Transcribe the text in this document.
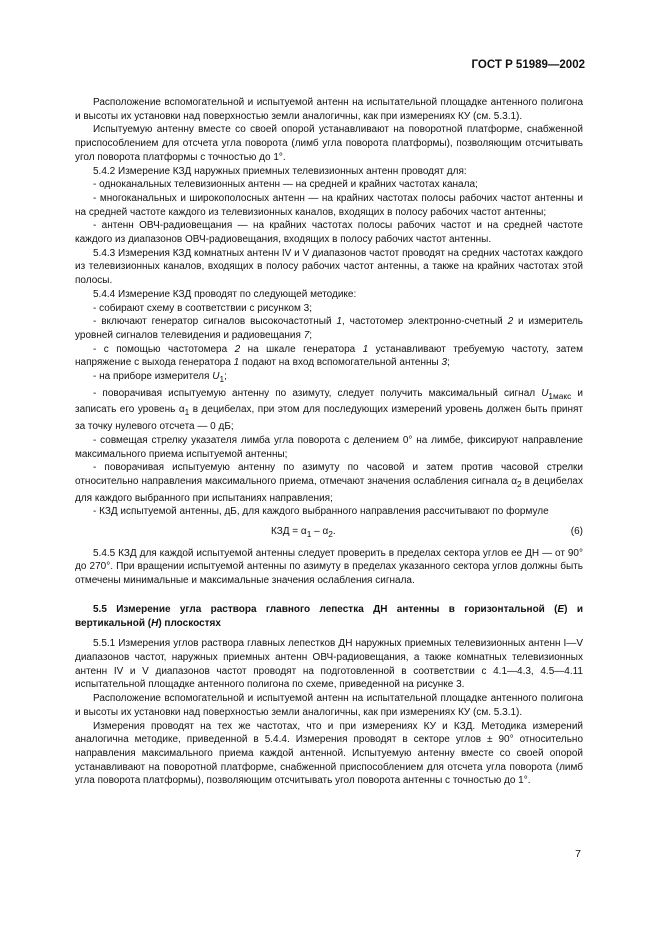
ГОСТ Р 51989—2002

Расположение вспомогательной и испытуемой антенн на испытательной площадке антенного полигона и высоты их установки над поверхностью земли аналогичны, как при измерениях КУ (см. 5.3.1).

Испытуемую антенну вместе со своей опорой устанавливают на поворотной платформе, снабженной приспособлением для отсчета угла поворота (лимб угла поворота платформы), позволяющим отсчитывать угол поворота платформы с точностью до 1°.

5.4.2 Измерение КЗД наружных приемных телевизионных антенн проводят для:

- одноканальных телевизионных антенн — на средней и крайних частотах канала;

- многоканальных и широкополосных антенн — на крайних частотах полосы рабочих частот антенны и на средней частоте каждого из телевизионных каналов, входящих в полосу рабочих частот антенны;

- антенн ОВЧ-радиовещания — на крайних частотах полосы рабочих частот и на средней частоте каждого из диапазонов ОВЧ-радиовещания, входящих в полосу рабочих частот антенны.

5.4.3 Измерения КЗД комнатных антенн IV и V диапазонов частот проводят на средних частотах каждого из телевизионных каналов, входящих в полосу рабочих частот антенны, а также на крайних частотах этой полосы.

5.4.4 Измерение КЗД проводят по следующей методике:

- собирают схему в соответствии с рисунком 3;

- включают генератор сигналов высокочастотный 1, частотомер электронно-счетный 2 и измеритель уровней сигналов телевидения и радиовещания 7;

- с помощью частотомера 2 на шкале генератора 1 устанавливают требуемую частоту, затем напряжение с выхода генератора 1 подают на вход вспомогательной антенны 3;

- на приборе измерителя $U_1$;

- поворачивая испытуемую антенну по азимуту, следует получить максимальный сигнал $U_{1макс}$ и записать его уровень $\alpha_1$ в децибелах, при этом для последующих измерений уровень должен быть принят за точку нулевого отсчета — 0 дБ;

- совмещая стрелку указателя лимба угла поворота с делением 0° на лимбе, фиксируют направление максимального приема испытуемой антенны;

- поворачивая испытуемую антенну по азимуту по часовой и затем против часовой стрелки относительно направления максимального приема, отмечают значения ослабления сигнала $\alpha_2$ в децибелах для каждого выбранного при испытаниях направления;

- КЗД испытуемой антенны, дБ, для каждого выбранного направления рассчитывают по формуле

КЗД = $\alpha_1 - \alpha_2$.	(6)

5.4.5 КЗД для каждой испытуемой антенны следует проверить в пределах сектора углов ее ДН — от 90° до 270°. При вращении испытуемой антенны по азимуту в пределах указанного сектора углов должны быть отмечены минимальные и максимальные значения ослабления сигнала.

5.5 Измерение угла раствора главного лепестка ДН антенны в горизонтальной (E) и вертикальной (H) плоскостях

5.5.1 Измерения углов раствора главных лепестков ДН наружных приемных телевизионных антенн I—V диапазонов частот, наружных приемных антенн ОВЧ-радиовещания, а также комнатных телевизионных антенн IV и V диапазонов частот проводят на подготовленной в соответствии с 4.1—4.3, 4.5—4.11 испытательной площадке антенного полигона по схеме, приведенной на рисунке 3.

Расположение вспомогательной и испытуемой антенн на испытательной площадке антенного полигона и высоты их установки над поверхностью земли аналогичны, как при измерениях КУ (см. 5.3.1).

Измерения проводят на тех же частотах, что и при измерениях КУ и КЗД. Методика измерений аналогична методике, приведенной в 5.4.4. Измерения проводят в секторе углов ± 90° относительно направления максимального приема каждой антенной. Испытуемую антенну вместе со своей опорой устанавливают на поворотной платформе, снабженной приспособлением для отсчета угла поворота (лимб угла поворота платформы), позволяющим отсчитывать угол поворота антенны с точностью до 1°.

7
